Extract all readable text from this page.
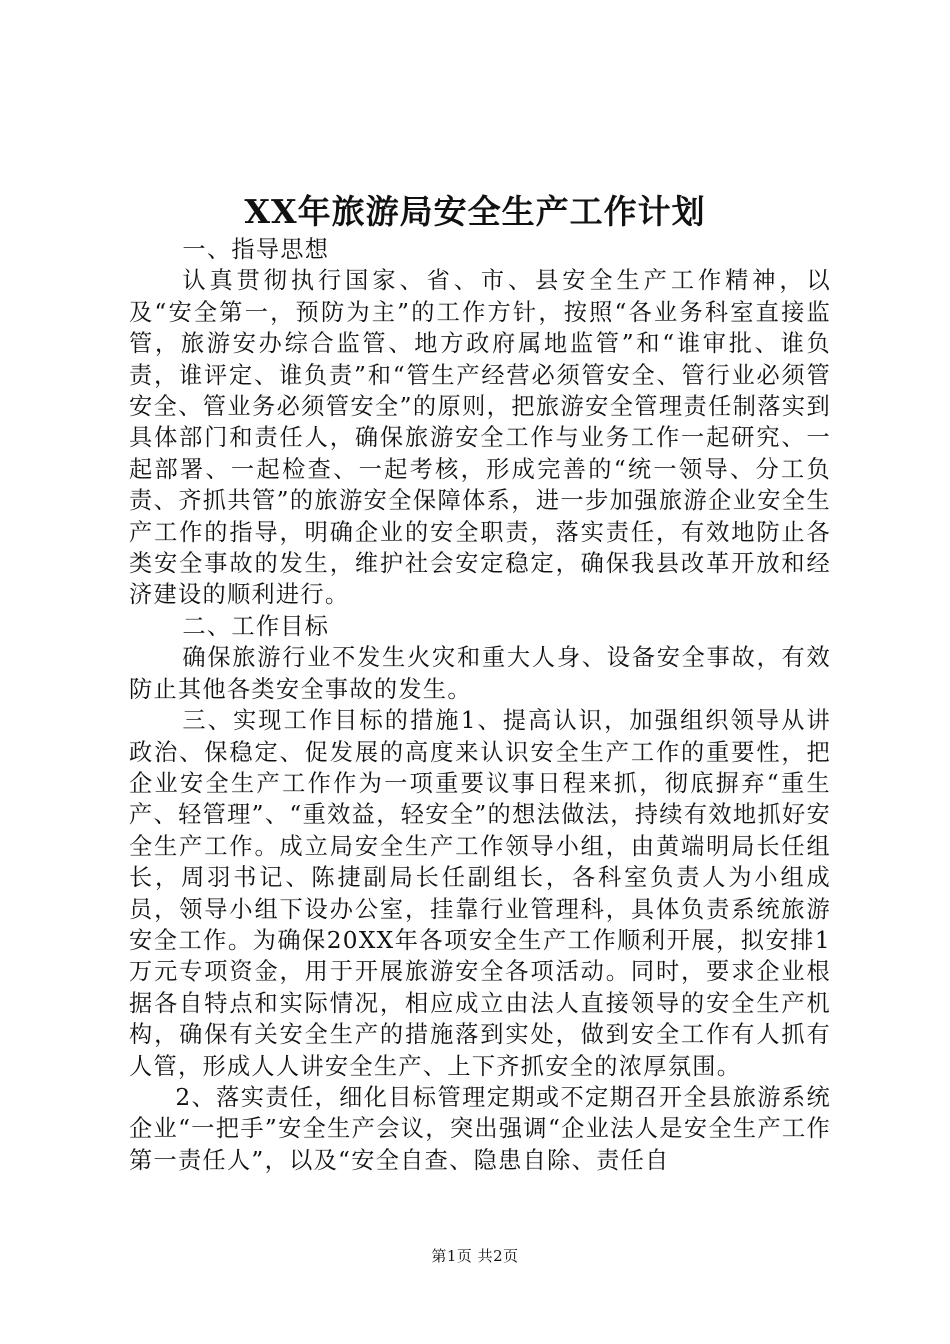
XX年旅游局安全生产工作计划

一、指导思想

认真贯彻执行国家、省、市、县安全生产工作精神，以及“安全第一，预防为主”的工作方针，按照“各业务科室直接监管，旅游安办综合监管、地方政府属地监管”和“谁审批、谁负责，谁评定、谁负责”和“管生产经营必须管安全、管行业必须管安全、管业务必须管安全”的原则，把旅游安全管理责任制落实到具体部门和责任人，确保旅游安全工作与业务工作一起研究、一起部署、一起检查、一起考核，形成完善的“统一领导、分工负责、齐抓共管”的旅游安全保障体系，进一步加强旅游企业安全生产工作的指导，明确企业的安全职责，落实责任，有效地防止各类安全事故的发生，维护社会安定稳定，确保我县改革开放和经济建设的顺利进行。

二、工作目标

确保旅游行业不发生火灾和重大人身、设备安全事故，有效防止其他各类安全事故的发生。

三、实现工作目标的措施1、提高认识，加强组织领导从讲政治、保稳定、促发展的高度来认识安全生产工作的重要性，把企业安全生产工作作为一项重要议事日程来抓，彻底摒弃“重生产、轻管理”、“重效益，轻安全”的想法做法，持续有效地抓好安全生产工作。成立局安全生产工作领导小组，由黄端明局长任组长，周羽书记、陈捷副局长任副组长，各科室负责人为小组成员，领导小组下设办公室，挂靠行业管理科，具体负责系统旅游安全工作。为确保20XX年各项安全生产工作顺利开展，拟安排1万元专项资金，用于开展旅游安全各项活动。同时，要求企业根据各自特点和实际情况，相应成立由法人直接领导的安全生产机构，确保有关安全生产的措施落到实处，做到安全工作有人抓有人管，形成人人讲安全生产、上下齐抓安全的浓厚氛围。

2、落实责任，细化目标管理定期或不定期召开全县旅游系统企业“一把手”安全生产会议，突出强调“企业法人是安全生产工作第一责任人”，以及“安全自查、隐患自除、责任自

第1页 共2页
